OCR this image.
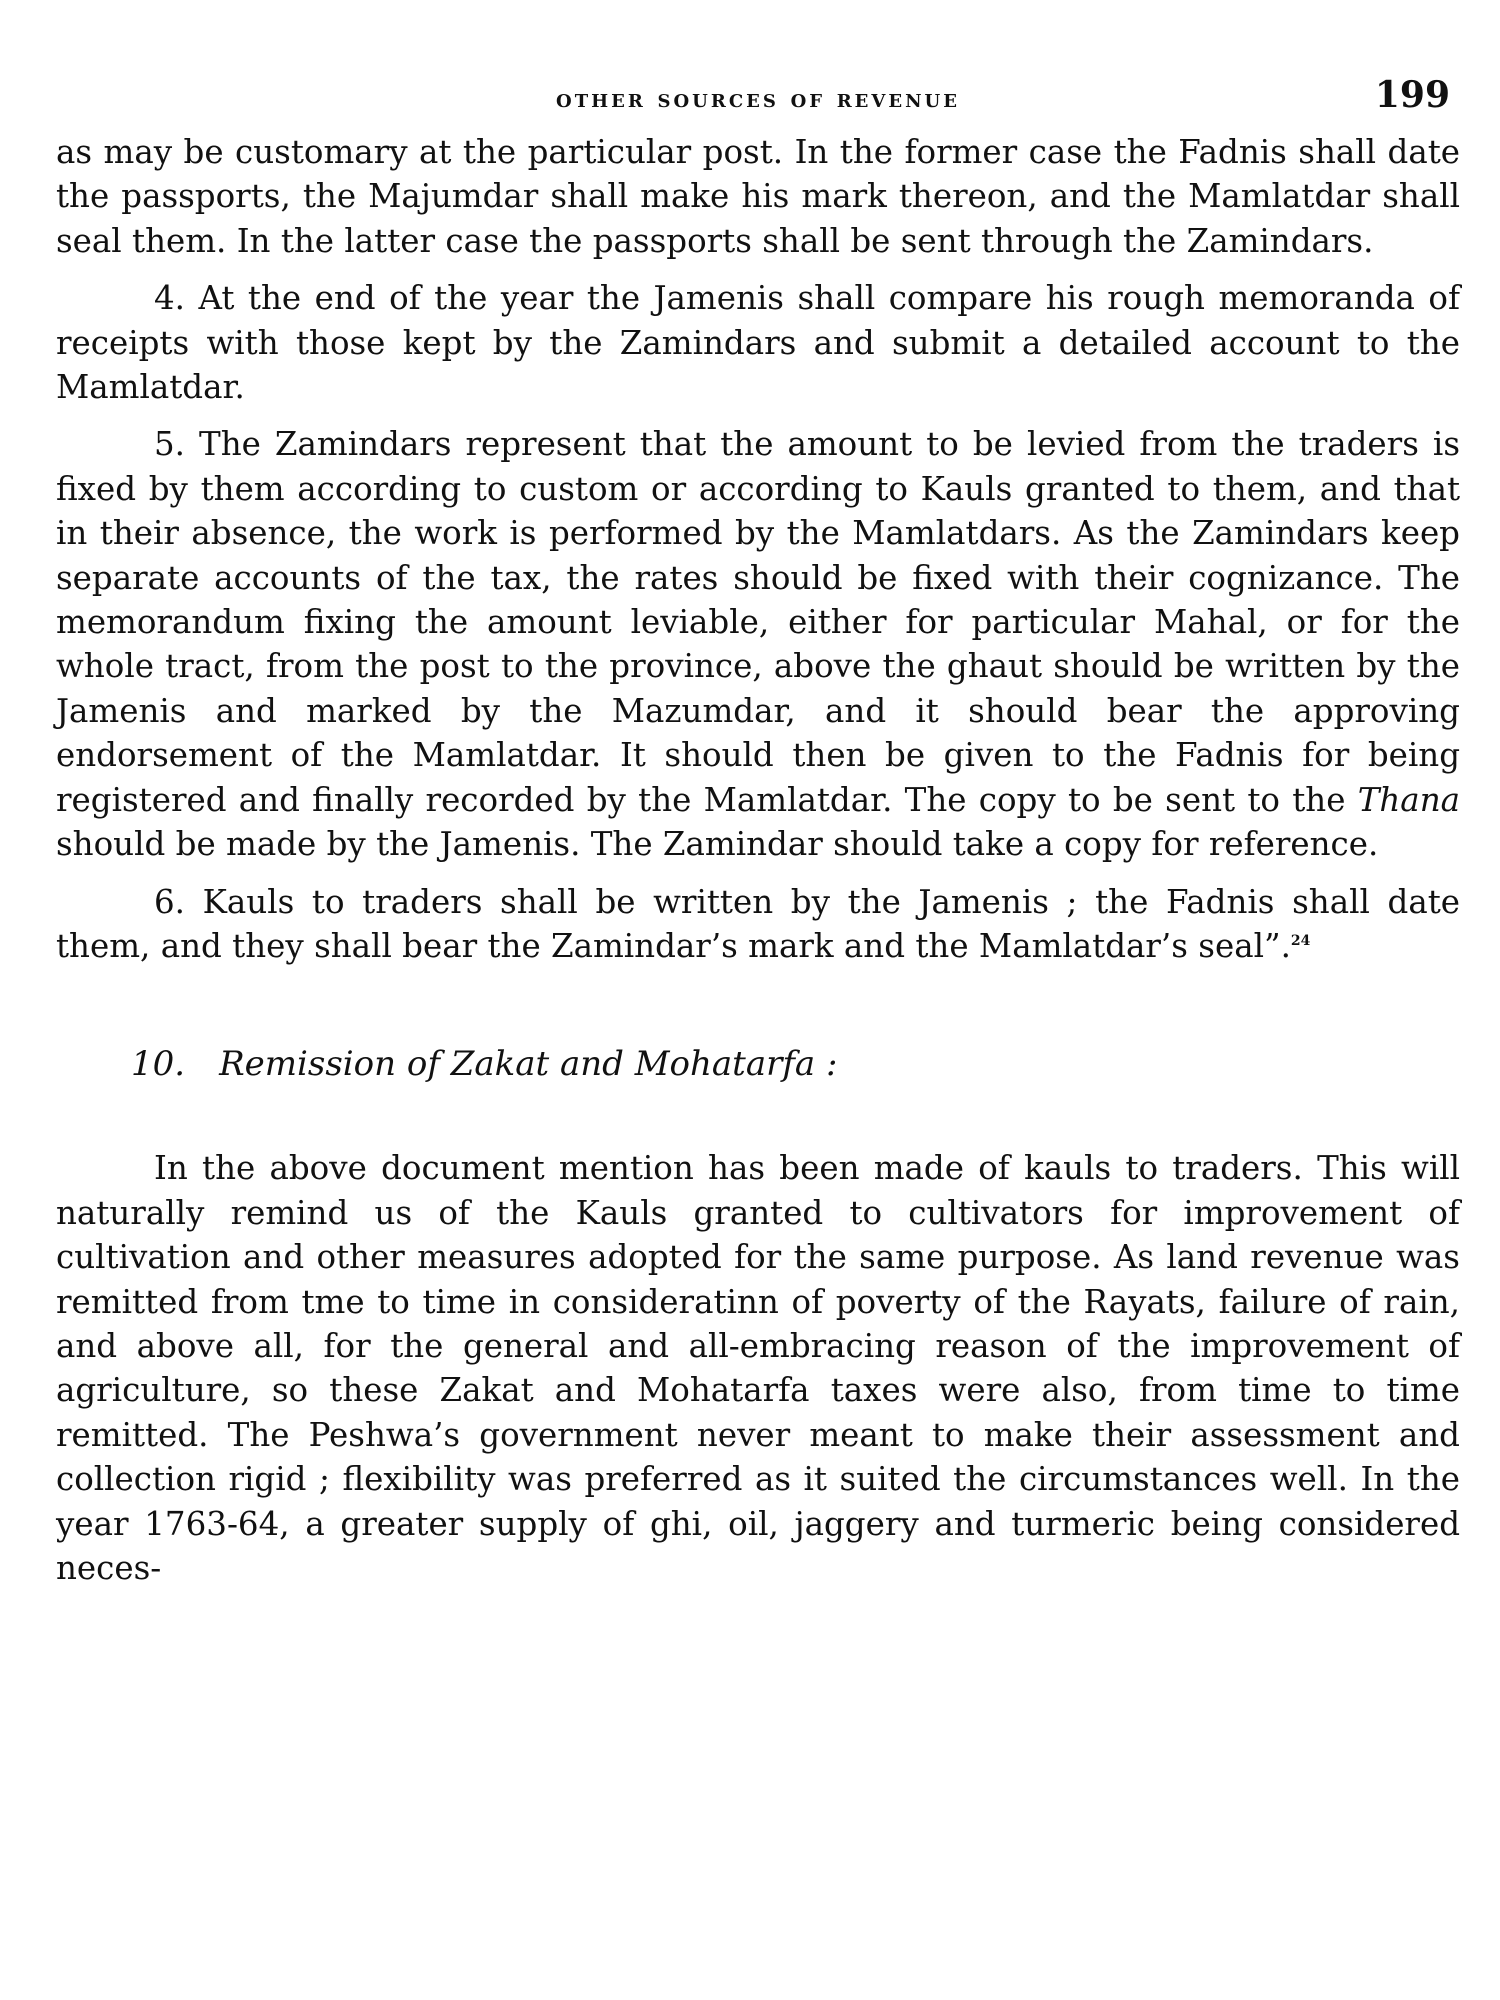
other sources of revenue	199

as may be customary at the particular post. In the former case the Fadnis shall date the passports, the Majumdar shall make his mark thereon, and the Mamlatdar shall seal them. In the latter case the passports shall be sent through the Zamindars.

4. At the end of the year the Jamenis shall compare his rough memoranda of receipts with those kept by the Zamindars and submit a detailed account to the Mamlatdar.

5. The Zamindars represent that the amount to be levied from the traders is fixed by them according to custom or according to Kauls granted to them, and that in their absence, the work is performed by the Mamlatdars. As the Zamindars keep separate accounts of the tax, the rates should be fixed with their cognizance. The memorandum fixing the amount leviable, either for particular Mahal, or for the whole tract, from the post to the province, above the ghaut should be written by the Jamenis and marked by the Mazumdar, and it should bear the approving endorsement of the Mamlatdar. It should then be given to the Fadnis for being registered and finally recorded by the Mamlatdar. The copy to be sent to the Thana should be made by the Jamenis. The Zamindar should take a copy for reference.

6. Kauls to traders shall be written by the Jamenis ; the Fadnis shall date them, and they shall bear the Zamindar’s mark and the Mamlatdar’s seal”.$^{24}$

10. Remission of Zakat and Mohatarfa :

In the above document mention has been made of kauls to traders. This will naturally remind us of the Kauls granted to cultivators for improvement of cultivation and other measures adopted for the same purpose. As land revenue was remitted from tme to time in consideratinn of poverty of the Rayats, failure of rain, and above all, for the general and all-embracing reason of the improvement of agriculture, so these Zakat and Mohatarfa taxes were also, from time to time remitted. The Peshwa’s government never meant to make their assessment and collection rigid ; flexibility was preferred as it suited the circumstances well. In the year 1763-64, a greater supply of ghi, oil, jaggery and turmeric being considered neces-
